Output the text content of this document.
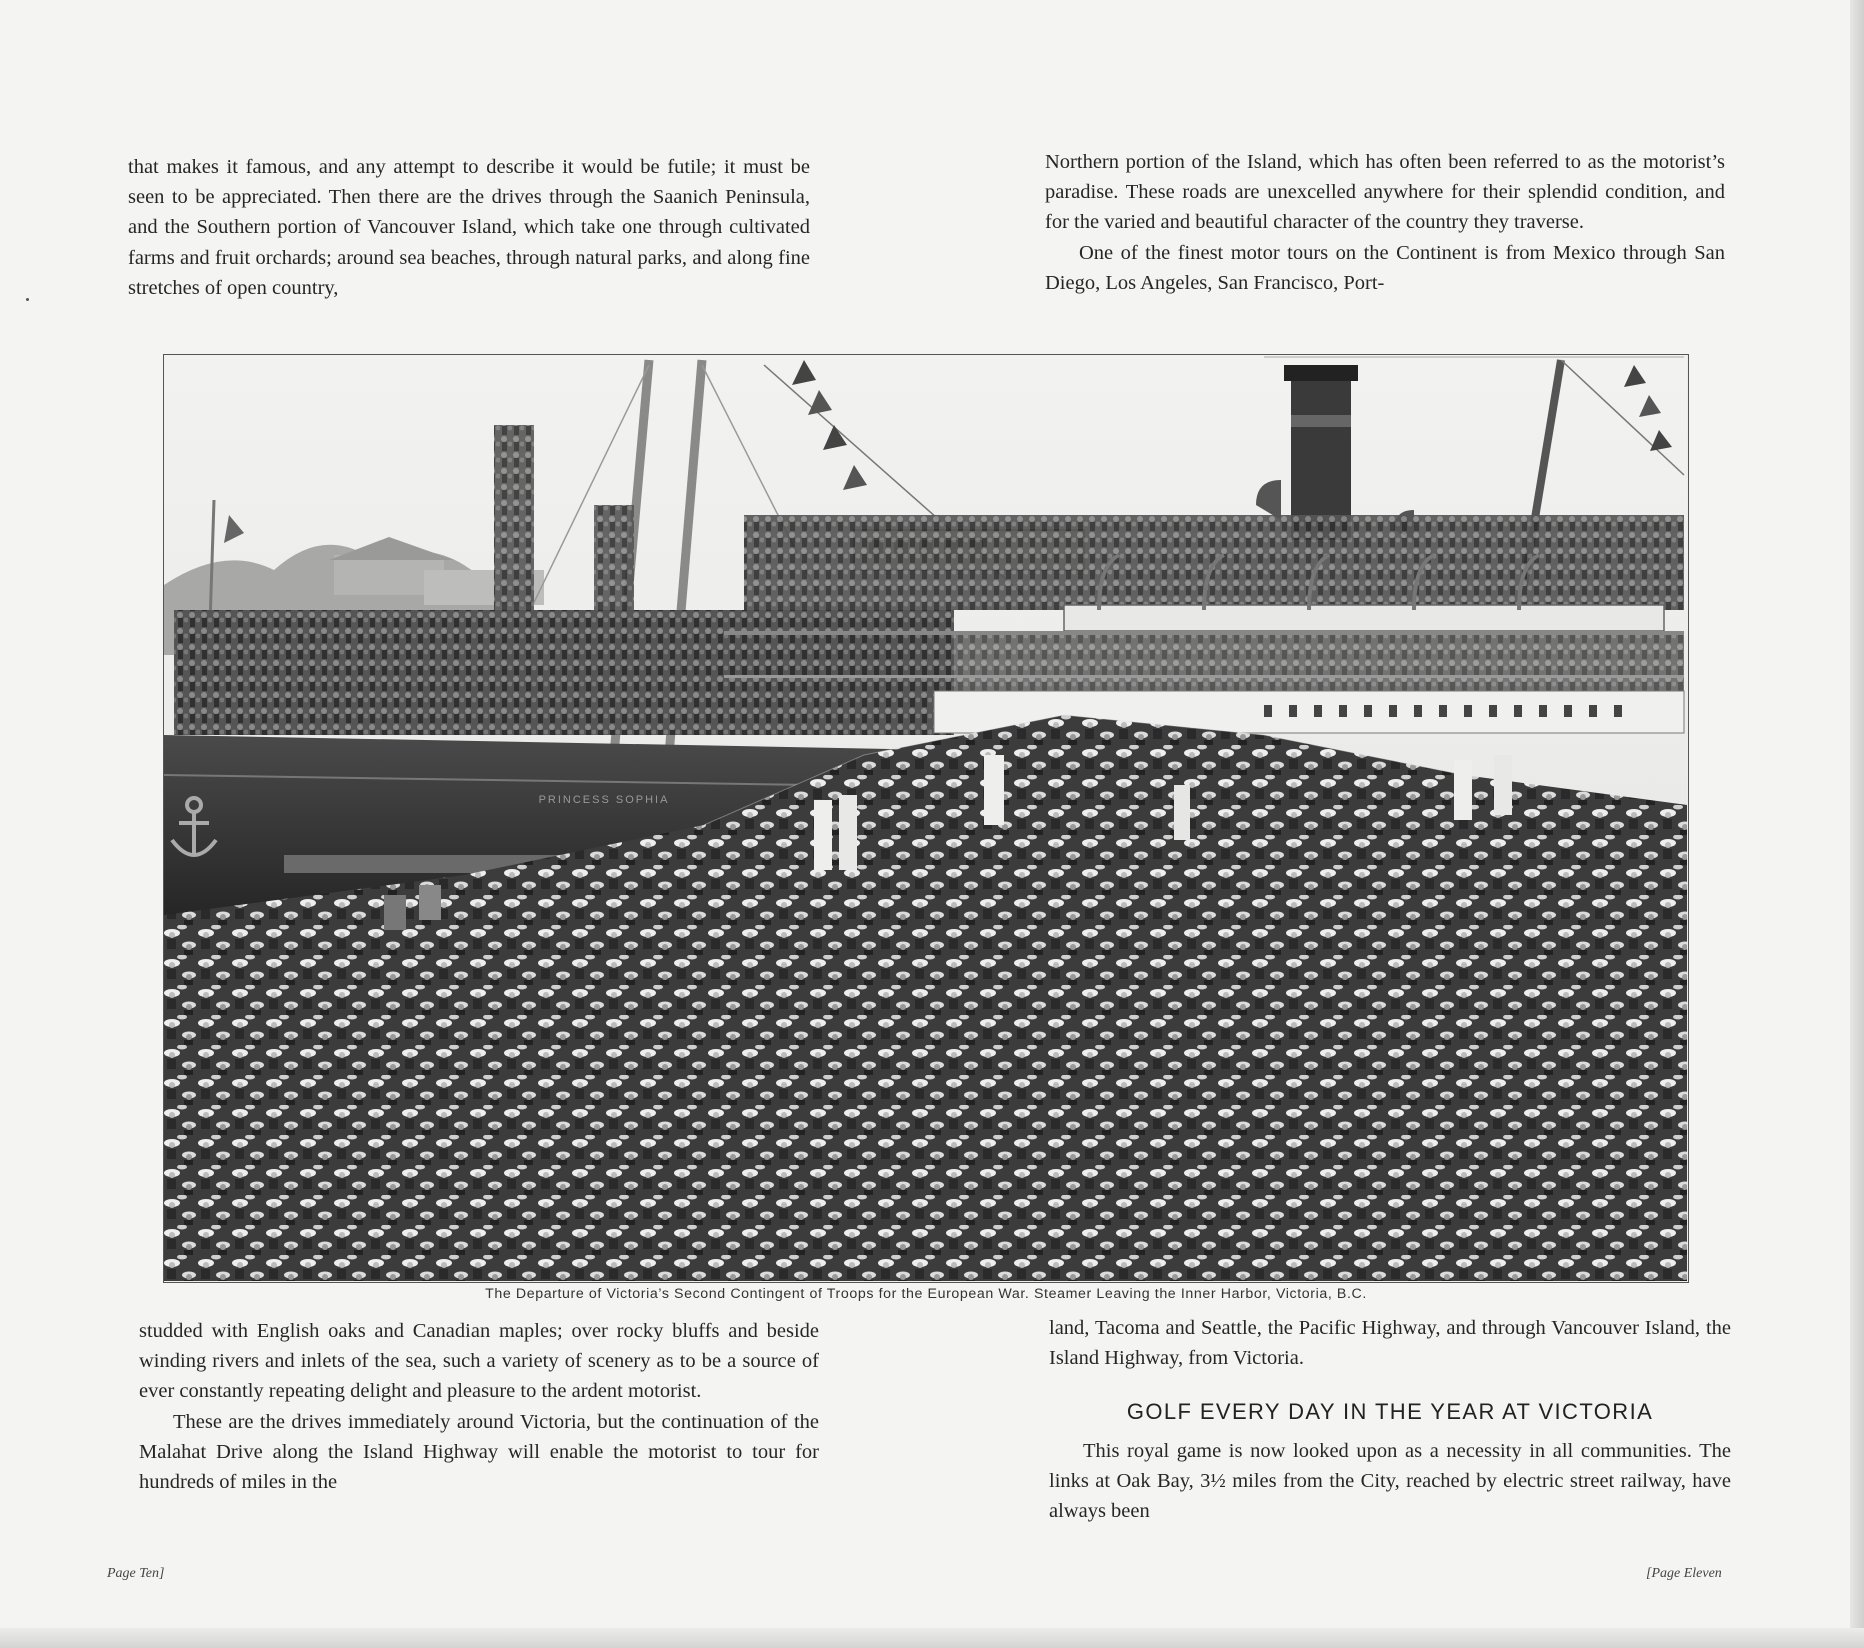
that makes it famous, and any attempt to describe it would be futile; it must be seen to be appreciated. Then there are the drives through the Saanich Peninsula, and the Southern portion of Vancouver Island, which take one through cultivated farms and fruit orchards; around sea beaches, through natural parks, and along fine stretches of open country,

Northern portion of the Island, which has often been referred to as the motorist’s paradise. These roads are unexcelled anywhere for their splendid condition, and for the varied and beautiful character of the country they traverse.

One of the finest motor tours on the Continent is from Mexico through San Diego, Los Angeles, San Francisco, Port-

PRINCESS SOPHIA
The Departure of Victoria’s Second Contingent of Troops for the European War. Steamer Leaving the Inner Harbor, Victoria, B.C.

studded with English oaks and Canadian maples; over rocky bluffs and beside winding rivers and inlets of the sea, such a variety of scenery as to be a source of ever constantly repeating delight and pleasure to the ardent motorist.

These are the drives immediately around Victoria, but the continuation of the Malahat Drive along the Island Highway will enable the motorist to tour for hundreds of miles in the

land, Tacoma and Seattle, the Pacific Highway, and through Vancouver Island, the Island Highway, from Victoria.

GOLF EVERY DAY IN THE YEAR AT VICTORIA

This royal game is now looked upon as a necessity in all communities. The links at Oak Bay, 3½ miles from the City, reached by electric street railway, have always been

Page Ten]	[Page Eleven
